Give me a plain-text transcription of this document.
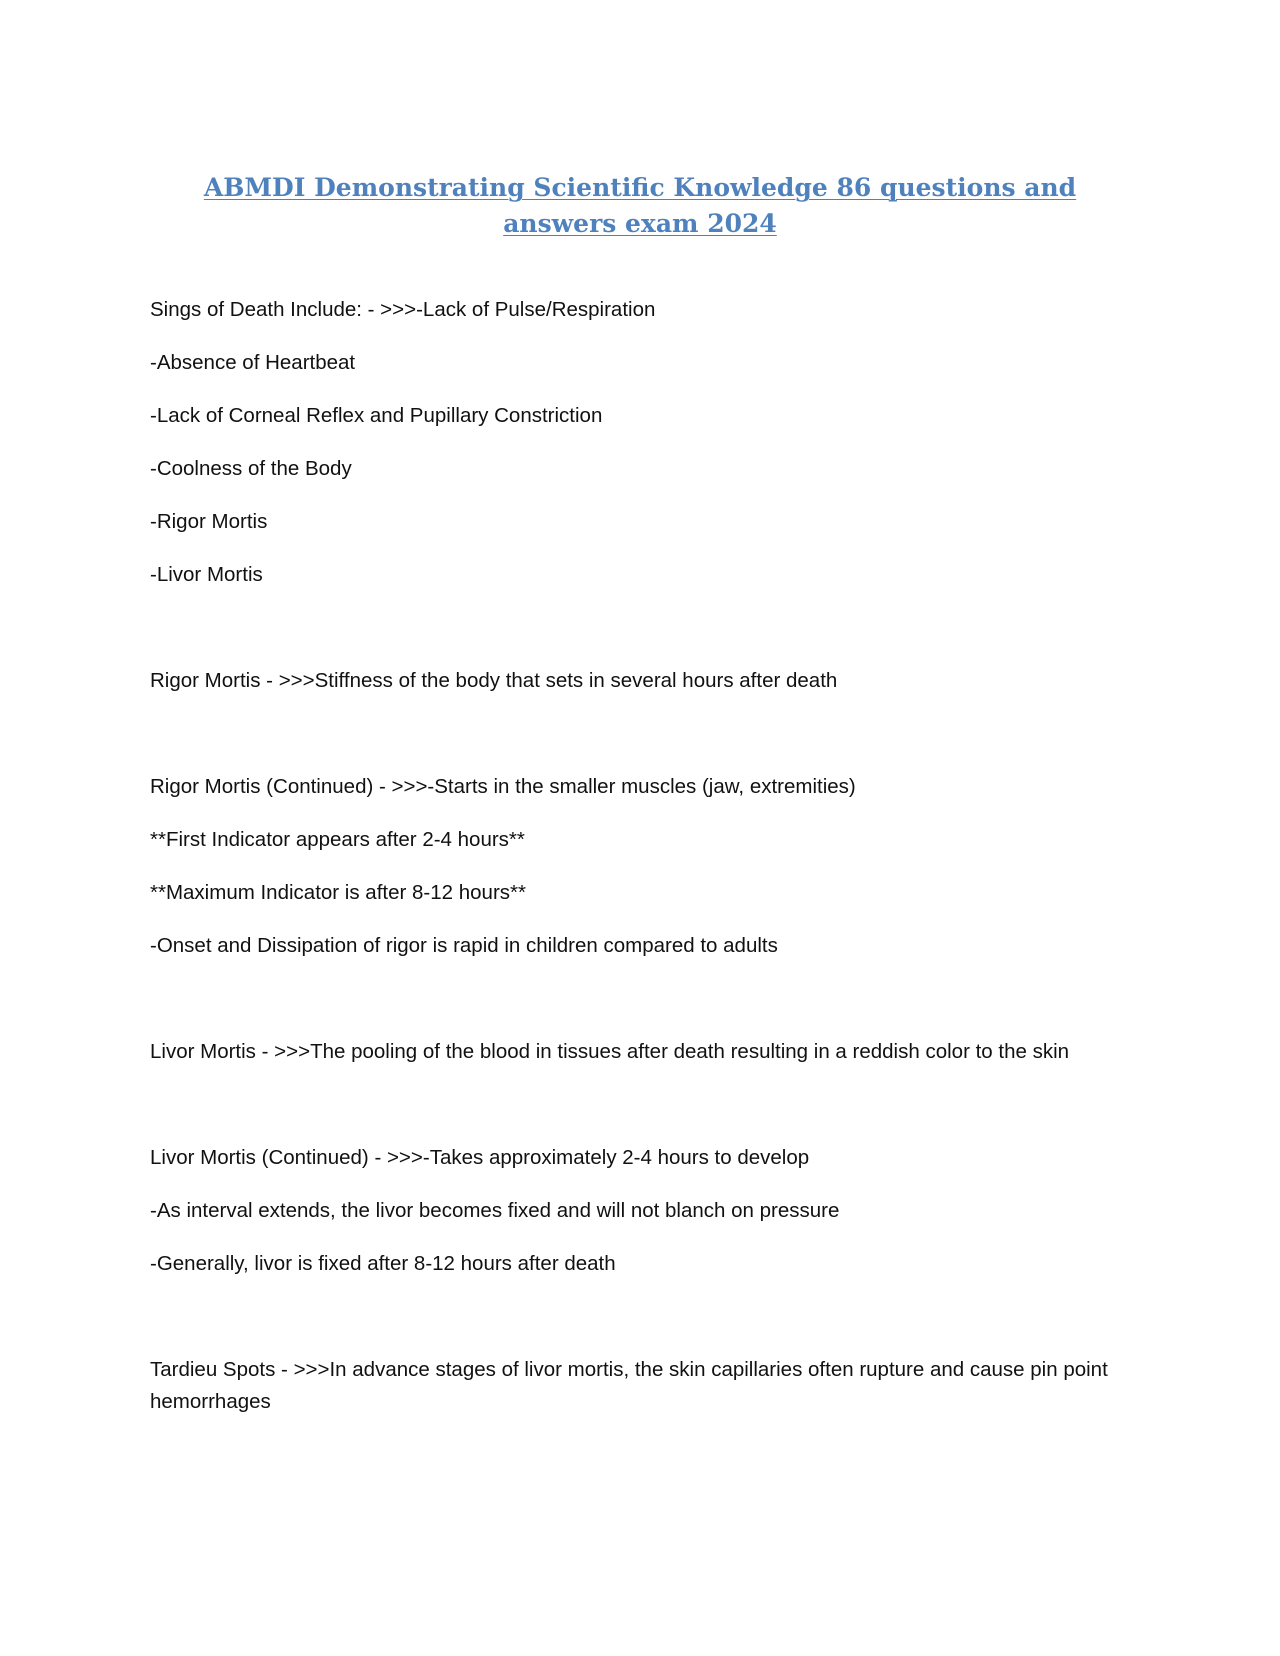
ABMDI Demonstrating Scientific Knowledge 86 questions and answers exam 2024

Sings of Death Include: - >>>-Lack of Pulse/Respiration

-Absence of Heartbeat

-Lack of Corneal Reflex and Pupillary Constriction

-Coolness of the Body

-Rigor Mortis

-Livor Mortis

Rigor Mortis - >>>Stiffness of the body that sets in several hours after death

Rigor Mortis (Continued) - >>>-Starts in the smaller muscles (jaw, extremities)

**First Indicator appears after 2-4 hours**

**Maximum Indicator is after 8-12 hours**

-Onset and Dissipation of rigor is rapid in children compared to adults

Livor Mortis - >>>The pooling of the blood in tissues after death resulting in a reddish color to the skin

Livor Mortis (Continued) - >>>-Takes approximately 2-4 hours to develop

-As interval extends, the livor becomes fixed and will not blanch on pressure

-Generally, livor is fixed after 8-12 hours after death

Tardieu Spots - >>>In advance stages of livor mortis, the skin capillaries often rupture and cause pin point hemorrhages
